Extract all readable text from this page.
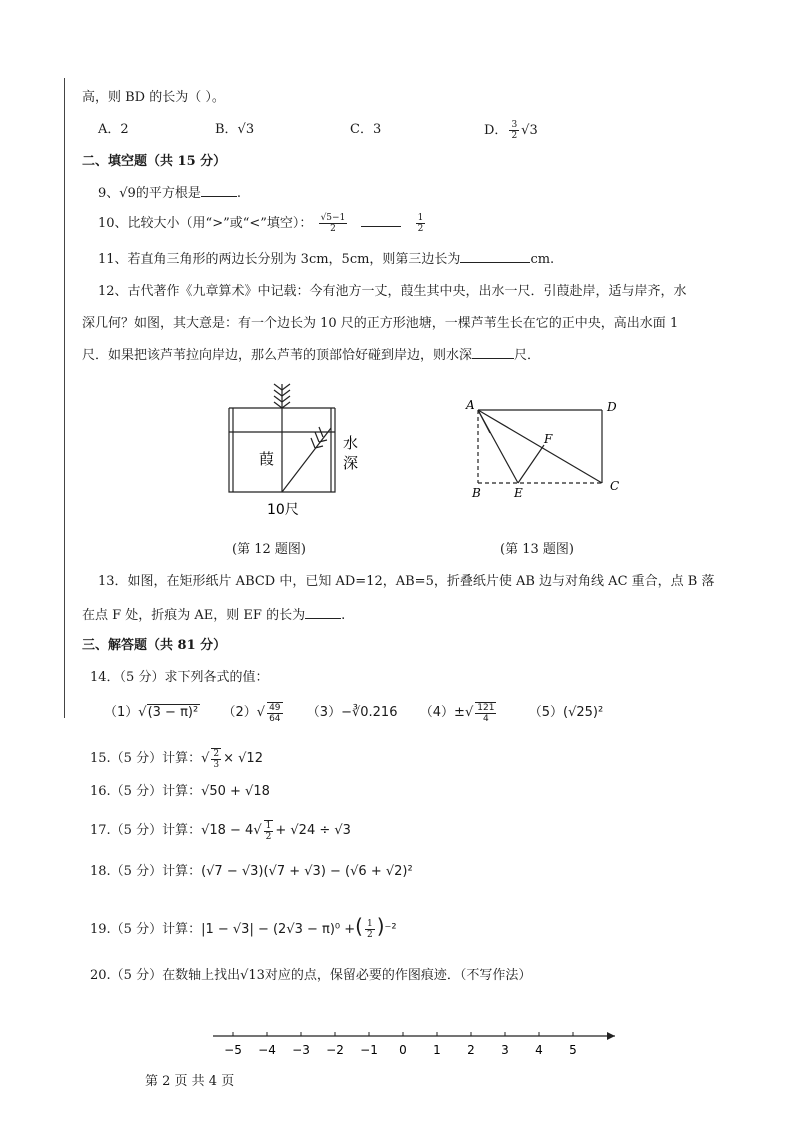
高，则 BD 的长为（ ）。
A．2	B．√3	C．3	D． $\frac{3}{2} √3$
二、填空题（共 15 分）
9、√9的平方根是	.
10、比较大小（用“>”或“<”填空）： $\frac{√5-1}{2}$
	$\frac{1}{2}$
11、若直角三角形的两边长分别为 3cm，5cm，则第三边长为	cm.
12、古代著作《九章算术》中记载：今有池方一丈，葭生其中央，出水一尺．引葭赴岸，适与岸齐，水
深几何？如图，其大意是：有一个边长为 10 尺的正方形池塘，一棵芦苇生长在它的正中央，高出水面 1
尺．如果把该芦苇拉向岸边，那么芦苇的顶部恰好碰到岸边，则水深	尺．
葭
水
深
10尺
(第 12 题图)
A	D
B	E	C
F
(第 13 题图)
13．如图，在矩形纸片 ABCD 中，已知 AD=12，AB=5，折叠纸片使 AB 边与对角线 AC 重合，点 B 落
在点 F 处，折痕为 AE，则 EF 的长为	.
三、解答题（共 81 分）
14．（5 分）求下列各式的值：
（1）√(3 − π)² $(2)√ \frac{49}{64}$ （3）−∛0.216 $(4)\pm√ \frac{121}{4} (5)(√25)^2$
15.（5 分）计算：√ $\frac{2}{3} \times √12$
16.（5 分）计算：√50 + √18
17.（5 分）计算：$√18 - 4√ \frac{1}{2} + √24 \div √3$
18.（5 分）计算：(√7 − √3)(√7 + √3) − (√6 + √2)²
19.（5 分）计算：|1 − √3| − (2√3 − π)⁰ +( $\frac{1}{2} )^{-2}$
20.（5 分）在数轴上找出√13对应的点，保留必要的作图痕迹．（不写作法）
−5 −4 −3 −2 −1 0 1 2 3 4 5
第 2 页 共 4 页
